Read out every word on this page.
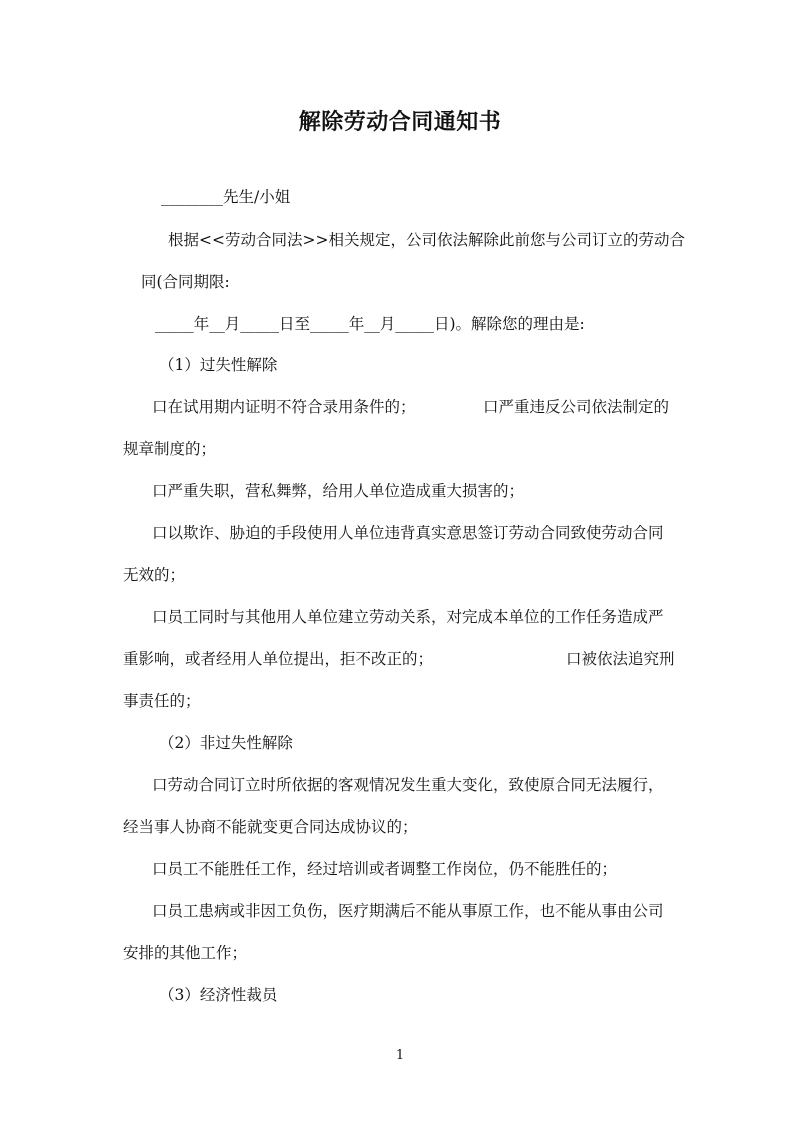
解除劳动合同通知书

________先生/小姐

根据<<劳动合同法>>相关规定，公司依法解除此前您与公司订立的劳动合

同(合同期限:

_____年__月_____日至_____年__月_____日)。解除您的理由是:

（1）过失性解除

口在试用期内证明不符合录用条件的；	口严重违反公司依法制定的

规章制度的；

口严重失职，营私舞弊，给用人单位造成重大损害的；

口以欺诈、胁迫的手段使用人单位违背真实意思签订劳动合同致使劳动合同

无效的；

口员工同时与其他用人单位建立劳动关系，对完成本单位的工作任务造成严

重影响，或者经用人单位提出，拒不改正的；	口被依法追究刑

事责任的；

（2）非过失性解除

口劳动合同订立时所依据的客观情况发生重大变化，致使原合同无法履行，

经当事人协商不能就变更合同达成协议的；

口员工不能胜任工作，经过培训或者调整工作岗位，仍不能胜任的；

口员工患病或非因工负伤，医疗期满后不能从事原工作，也不能从事由公司

安排的其他工作；

（3）经济性裁员

1
